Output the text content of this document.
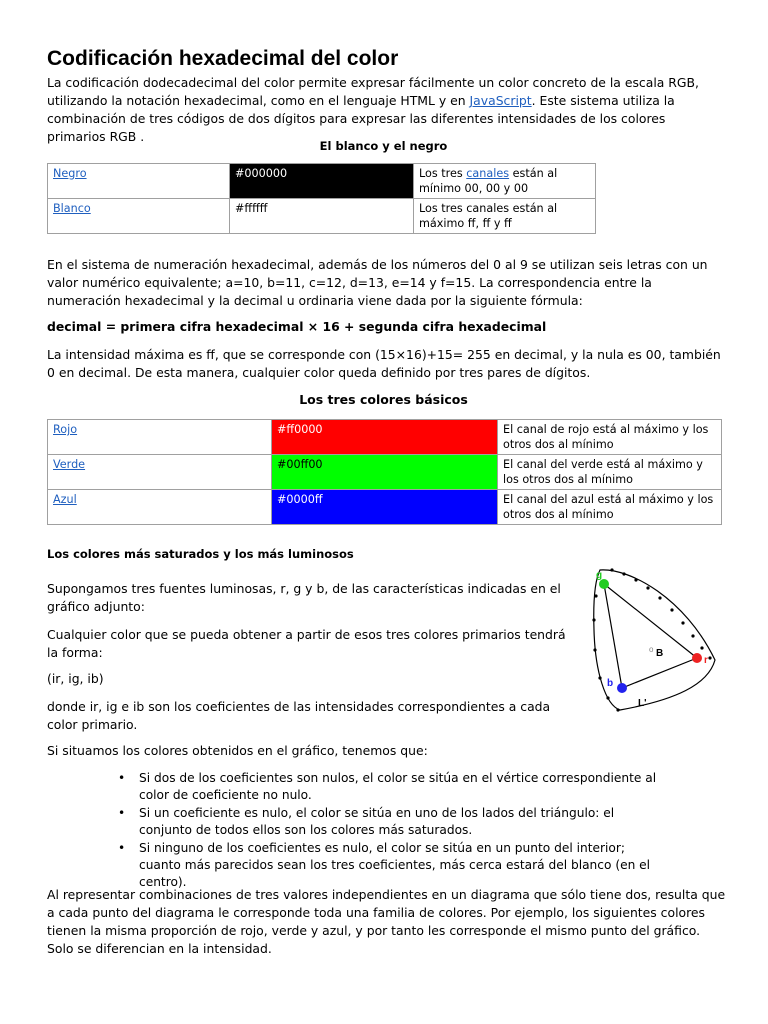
Codificación hexadecimal del color

La codificación dodecadecimal del color permite expresar fácilmente un color concreto de la escala RGB, utilizando la notación hexadecimal, como en el lenguaje HTML y en JavaScript. Este sistema utiliza la combinación de tres códigos de dos dígitos para expresar las diferentes intensidades de los colores primarios RGB .

El blanco y el negro
Negro	#000000	Los tres canales están al mínimo 00, 00 y 00
Blanco	#ffffff	Los tres canales están al máximo ff, ff y ff

En el sistema de numeración hexadecimal, además de los números del 0 al 9 se utilizan seis letras con un valor numérico equivalente; a=10, b=11, c=12, d=13, e=14 y f=15. La correspondencia entre la numeración hexadecimal y la decimal u ordinaria viene dada por la siguiente fórmula:

decimal = primera cifra hexadecimal × 16 + segunda cifra hexadecimal

La intensidad máxima es ff, que se corresponde con (15×16)+15= 255 en decimal, y la nula es 00, también 0 en decimal. De esta manera, cualquier color queda definido por tres pares de dígitos.

Los tres colores básicos
Rojo	#ff0000	El canal de rojo está al máximo y los otros dos al mínimo
Verde	#00ff00	El canal del verde está al máximo y los otros dos al mínimo
Azul	#0000ff	El canal del azul está al máximo y los otros dos al mínimo

Los colores más saturados y los más luminosos

Supongamos tres fuentes luminosas, r, g y b, de las características indicadas en el gráfico adjunto:

Cualquier color que se pueda obtener a partir de esos tres colores primarios tendrá la forma:

(ir, ig, ib)

donde ir, ig e ib son los coeficientes de las intensidades correspondientes a cada color primario.

Si situamos los colores obtenidos en el gráfico, tenemos que:

• Si dos de los coeficientes son nulos, el color se sitúa en el vértice correspondiente al color de coeficiente no nulo.
• Si un coeficiente es nulo, el color se sitúa en uno de los lados del triángulo: el conjunto de todos ellos son los colores más saturados.
• Si ninguno de los coeficientes es nulo, el color se sitúa en un punto del interior; cuanto más parecidos sean los tres coeficientes, más cerca estará del blanco (en el centro).

Al representar combinaciones de tres valores independientes en un diagrama que sólo tiene dos, resulta que a cada punto del diagrama le corresponde toda una familia de colores. Por ejemplo, los siguientes colores tienen la misma proporción de rojo, verde y azul, y por tanto les corresponde el mismo punto del gráfico. Solo se diferencian en la intensidad.

g
r
b
B
o
L'
